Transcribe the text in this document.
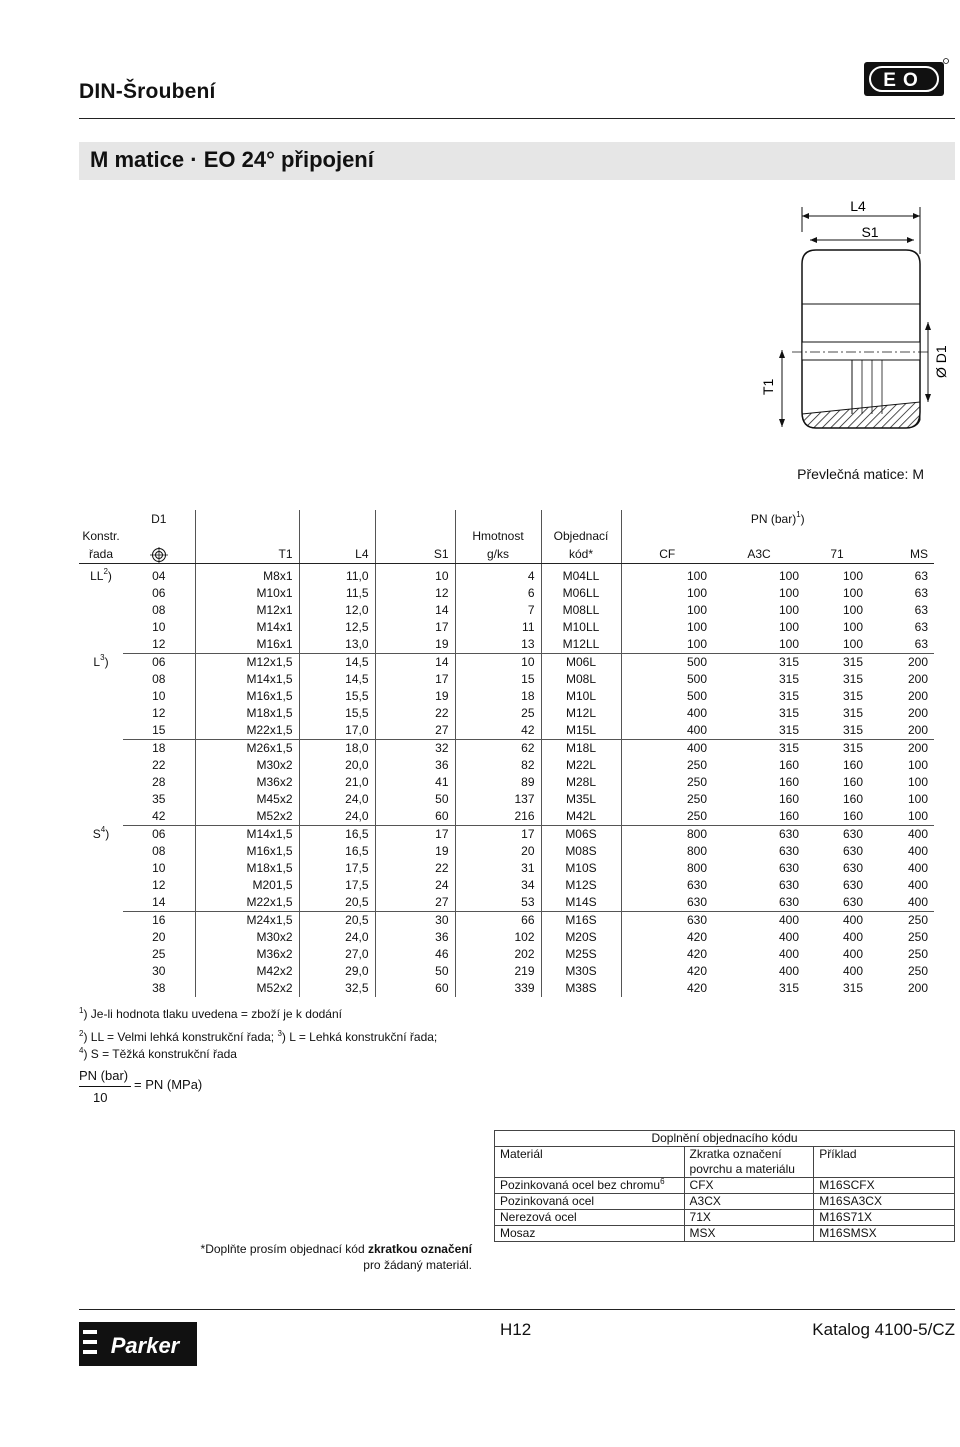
DIN-Šroubení	EO
M matice · EO 24° připojení
L4
S1
T1
Ø D1
Převlečná matice: M
	D1						PN (bar)$^1$)			
Konstr.					Hmotnost	Objednací				
řada		T1	L4	S1	g/ks	kód*	CF	A3C	71	MS
$LL^2$)	04	M8x1	11,0	10	4	M04LL	100	100	100	63
	06	M10x1	11,5	12	6	M06LL	100	100	100	63
	08	M12x1	12,0	14	7	M08LL	100	100	100	63
	10	M14x1	12,5	17	11	M10LL	100	100	100	63
	12	M16x1	13,0	19	13	M12LL	100	100	100	63
$L^3$)	06	M12x1,5	14,5	14	10	M06L	500	315	315	200
	08	M14x1,5	14,5	17	15	M08L	500	315	315	200
	10	M16x1,5	15,5	19	18	M10L	500	315	315	200
	12	M18x1,5	15,5	22	25	M12L	400	315	315	200
	15	M22x1,5	17,0	27	42	M15L	400	315	315	200
	18	M26x1,5	18,0	32	62	M18L	400	315	315	200
	22	M30x2	20,0	36	82	M22L	250	160	160	100
	28	M36x2	21,0	41	89	M28L	250	160	160	100
	35	M45x2	24,0	50	137	M35L	250	160	160	100
	42	M52x2	24,0	60	216	M42L	250	160	160	100
$S^4$)	06	M14x1,5	16,5	17	17	M06S	800	630	630	400
	08	M16x1,5	16,5	19	20	M08S	800	630	630	400
	10	M18x1,5	17,5	22	31	M10S	800	630	630	400
	12	M201,5	17,5	24	34	M12S	630	630	630	400
	14	M22x1,5	20,5	27	53	M14S	630	630	630	400
	16	M24x1,5	20,5	30	66	M16S	630	400	400	250
	20	M30x2	24,0	36	102	M20S	420	400	400	250
	25	M36x2	27,0	46	202	M25S	420	400	400	250
	30	M42x2	29,0	50	219	M30S	420	400	400	250
	38	M52x2	32,5	60	339	M38S	420	315	315	200
$^1$) Je-li hodnota tlaku uvedena = zboží je k dodání
$^2$) LL = Velmi lehká konstrukční řada; $^3$) L = Lehká konstrukční řada;
$^4$) S = Těžká konstrukční řada
PN (bar)
10
= PN (MPa)
*Doplňte prosím objednací kód zkratkou označení
pro žádaný materiál.
Doplnění objednacího kódu		
Materiál	Zkratka označení povrchu a materiálu	Příklad
Pozinkovaná ocel bez chromu$^6$	CFX	M16SCFX
Pozinkovaná ocel	A3CX	M16SA3CX
Nerezová ocel	71X	M16S71X
Mosaz	MSX	M16SMSX
Parker
H12	Katalog 4100-5/CZ
